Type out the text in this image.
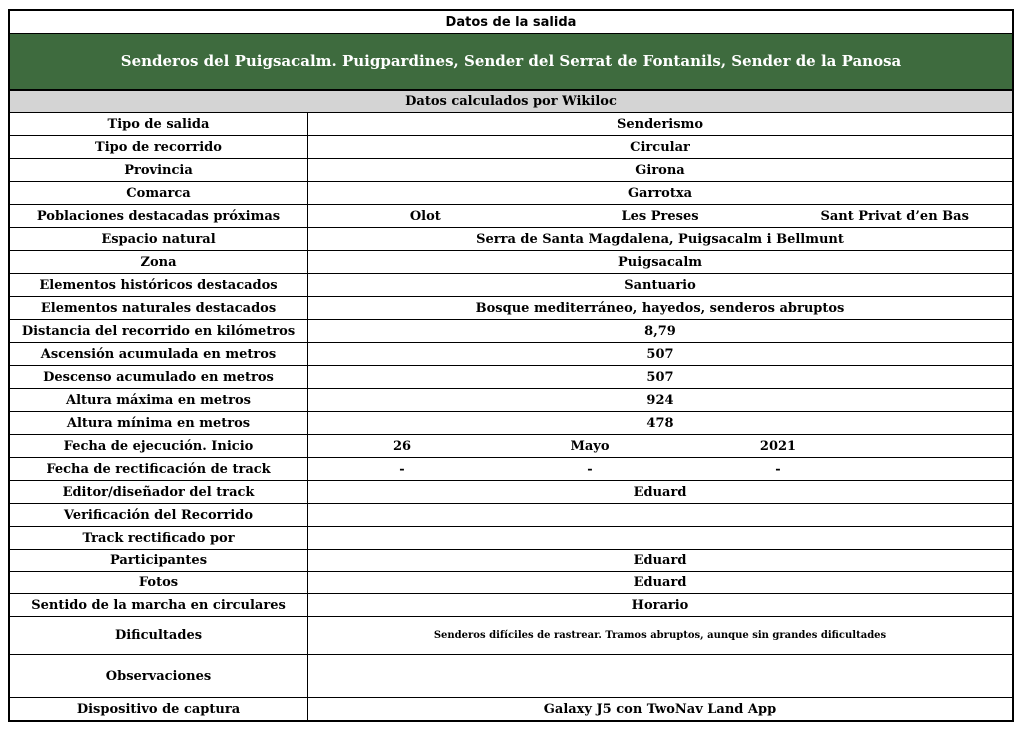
Datos de la salida
Senderos del Puigsacalm. Puigpardines, Sender del Serrat de Fontanils, Sender de la Panosa
Datos calculados por Wikiloc
Tipo de salida	Senderismo
Tipo de recorrido	Circular
Provincia	Girona
Comarca	Garrotxa
Poblaciones destacadas próximas	Olot	Les Preses	Sant Privat d’en Bas
Espacio natural	Serra de Santa Magdalena, Puigsacalm i Bellmunt
Zona	Puigsacalm
Elementos históricos destacados	Santuario
Elementos naturales destacados	Bosque mediterráneo, hayedos, senderos abruptos
Distancia del recorrido en kilómetros	8,79
Ascensión acumulada en metros	507
Descenso acumulado en metros	507
Altura máxima en metros	924
Altura mínima en metros	478
Fecha de ejecución. Inicio	26	Mayo	2021
Fecha de rectificación de track	-	-	-
Editor/diseñador del track	Eduard
Verificación del Recorrido
Track rectificado por
Participantes	Eduard
Fotos	Eduard
Sentido de la marcha en circulares	Horario
Dificultades	Senderos difíciles de rastrear. Tramos abruptos, aunque sin grandes dificultades
Observaciones
Dispositivo de captura	Galaxy J5 con TwoNav Land App
